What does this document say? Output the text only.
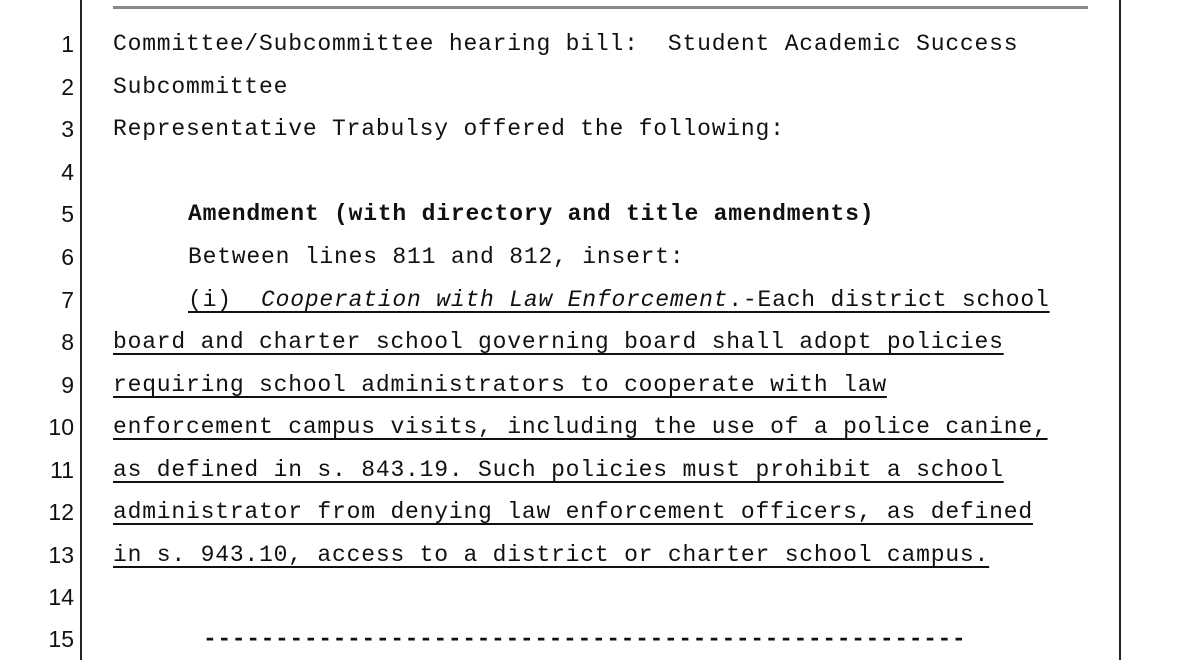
1 Committee/Subcommittee hearing bill:  Student Academic Success
2 Subcommittee
3 Representative Trabulsy offered the following:
4
5	Amendment (with directory and title amendments)
6	Between lines 811 and 812, insert:
7	(i)  Cooperation with Law Enforcement.-Each district school
8 board and charter school governing board shall adopt policies
9 requiring school administrators to cooperate with law
10 enforcement campus visits, including the use of a police canine,
11 as defined in s. 843.19. Such policies must prohibit a school
12 administrator from denying law enforcement officers, as defined
13 in s. 943.10, access to a district or charter school campus.
14
15	-----------------------------------------------------
